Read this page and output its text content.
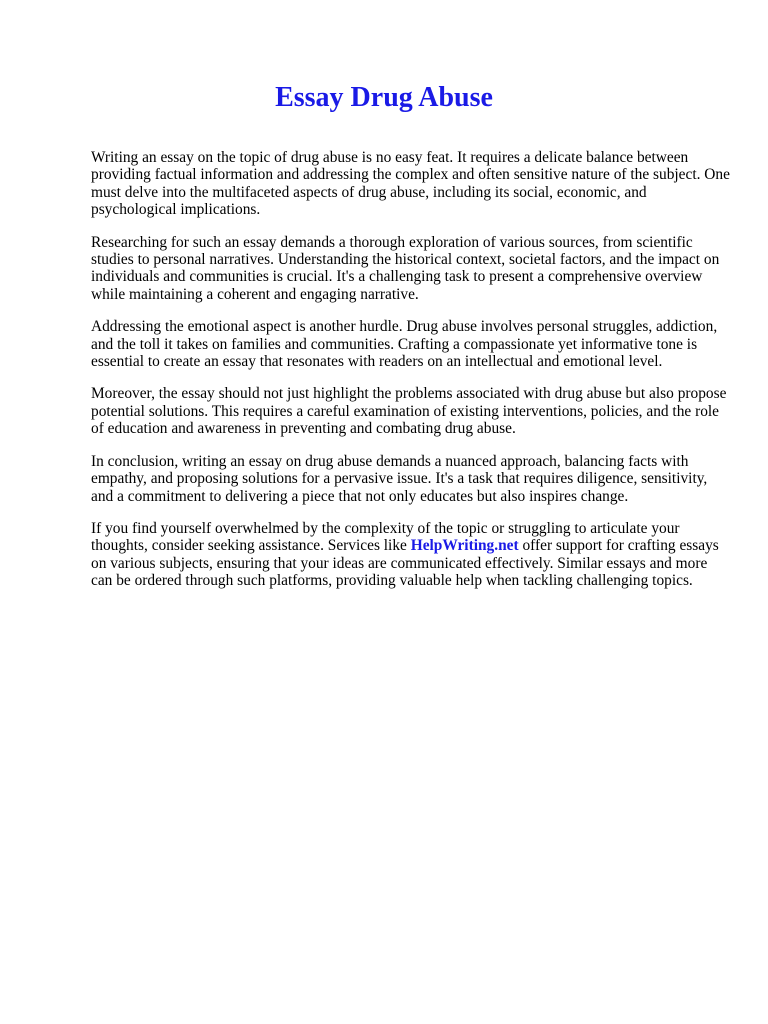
Essay Drug Abuse

Writing an essay on the topic of drug abuse is no easy feat. It requires a delicate balance between providing factual information and addressing the complex and often sensitive nature of the subject. One must delve into the multifaceted aspects of drug abuse, including its social, economic, and psychological implications.

Researching for such an essay demands a thorough exploration of various sources, from scientific studies to personal narratives. Understanding the historical context, societal factors, and the impact on individuals and communities is crucial. It's a challenging task to present a comprehensive overview while maintaining a coherent and engaging narrative.

Addressing the emotional aspect is another hurdle. Drug abuse involves personal struggles, addiction, and the toll it takes on families and communities. Crafting a compassionate yet informative tone is essential to create an essay that resonates with readers on an intellectual and emotional level.

Moreover, the essay should not just highlight the problems associated with drug abuse but also propose potential solutions. This requires a careful examination of existing interventions, policies, and the role of education and awareness in preventing and combating drug abuse.

In conclusion, writing an essay on drug abuse demands a nuanced approach, balancing facts with empathy, and proposing solutions for a pervasive issue. It's a task that requires diligence, sensitivity, and a commitment to delivering a piece that not only educates but also inspires change.

If you find yourself overwhelmed by the complexity of the topic or struggling to articulate your thoughts, consider seeking assistance. Services like HelpWriting.net offer support for crafting essays on various subjects, ensuring that your ideas are communicated effectively. Similar essays and more can be ordered through such platforms, providing valuable help when tackling challenging topics.
